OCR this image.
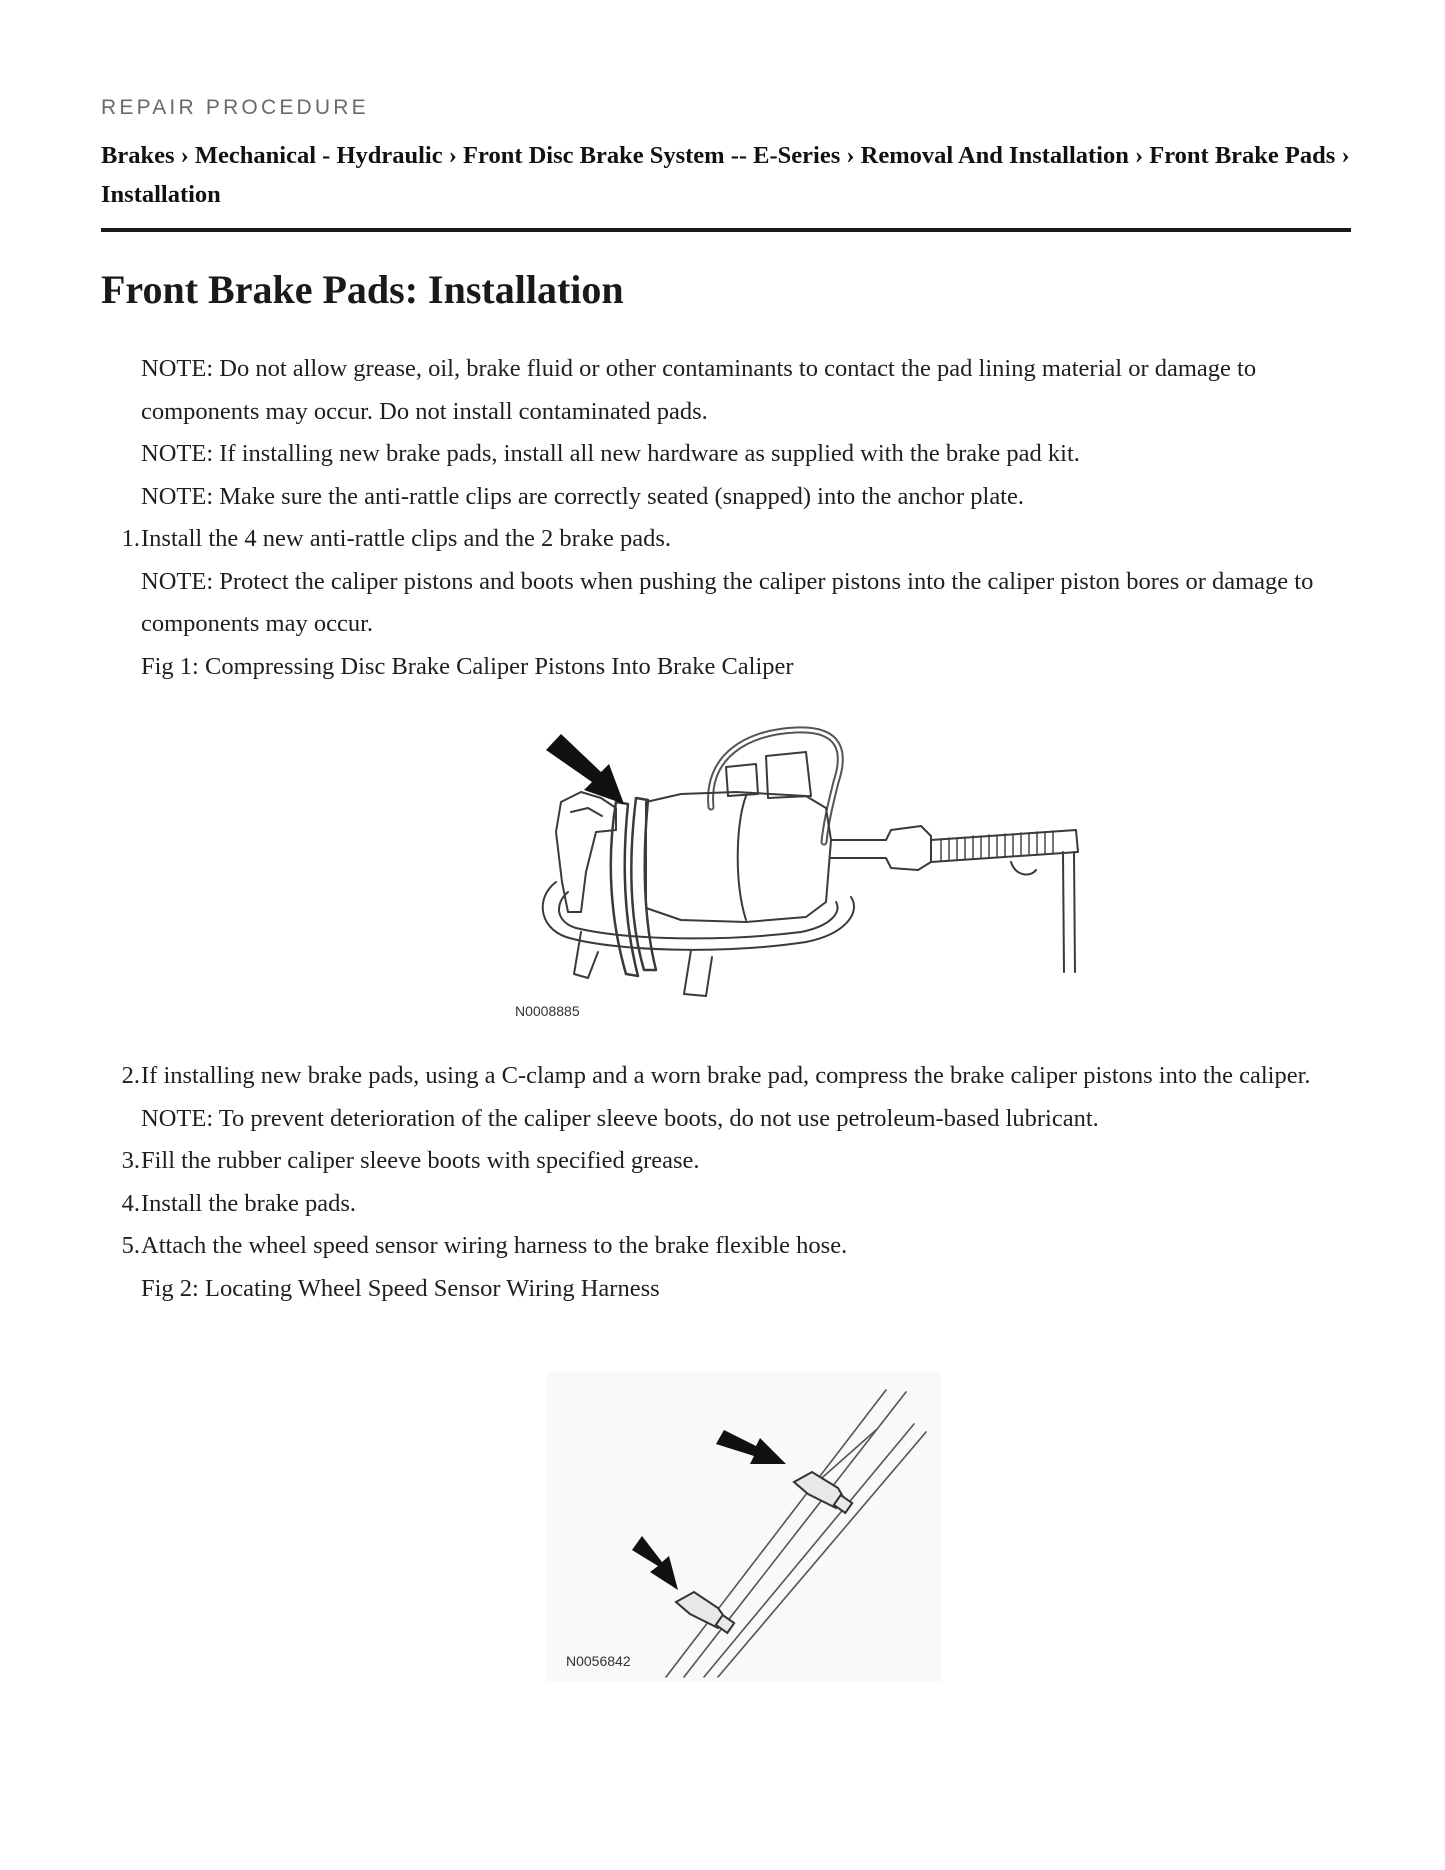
REPAIR PROCEDURE
Brakes › Mechanical - Hydraulic › Front Disc Brake System -- E-Series › Removal And Installation › Front Brake Pads › Installation
Front Brake Pads: Installation
NOTE: Do not allow grease, oil, brake fluid or other contaminants to contact the pad lining material or damage to components may occur. Do not install contaminated pads.
NOTE: If installing new brake pads, install all new hardware as supplied with the brake pad kit.
NOTE: Make sure the anti-rattle clips are correctly seated (snapped) into the anchor plate.
1. Install the 4 new anti-rattle clips and the 2 brake pads.
NOTE: Protect the caliper pistons and boots when pushing the caliper pistons into the caliper piston bores or damage to components may occur.
Fig 1: Compressing Disc Brake Caliper Pistons Into Brake Caliper
N0008885
2. If installing new brake pads, using a C-clamp and a worn brake pad, compress the brake caliper pistons into the caliper.
NOTE: To prevent deterioration of the caliper sleeve boots, do not use petroleum-based lubricant.
3. Fill the rubber caliper sleeve boots with specified grease.
4. Install the brake pads.
5. Attach the wheel speed sensor wiring harness to the brake flexible hose.
Fig 2: Locating Wheel Speed Sensor Wiring Harness
N0056842
